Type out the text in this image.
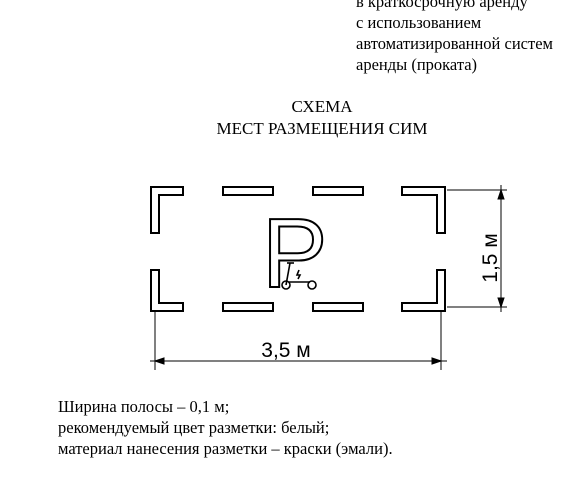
в краткосрочную аренду
с использованием
автоматизированной систем
аренды (проката)
СХЕМА
МЕСТ РАЗМЕЩЕНИЯ СИМ
P
3,5 м
1,5 м
Ширина полосы – 0,1 м;
рекомендуемый цвет разметки: белый;
материал нанесения разметки – краски (эмали).
